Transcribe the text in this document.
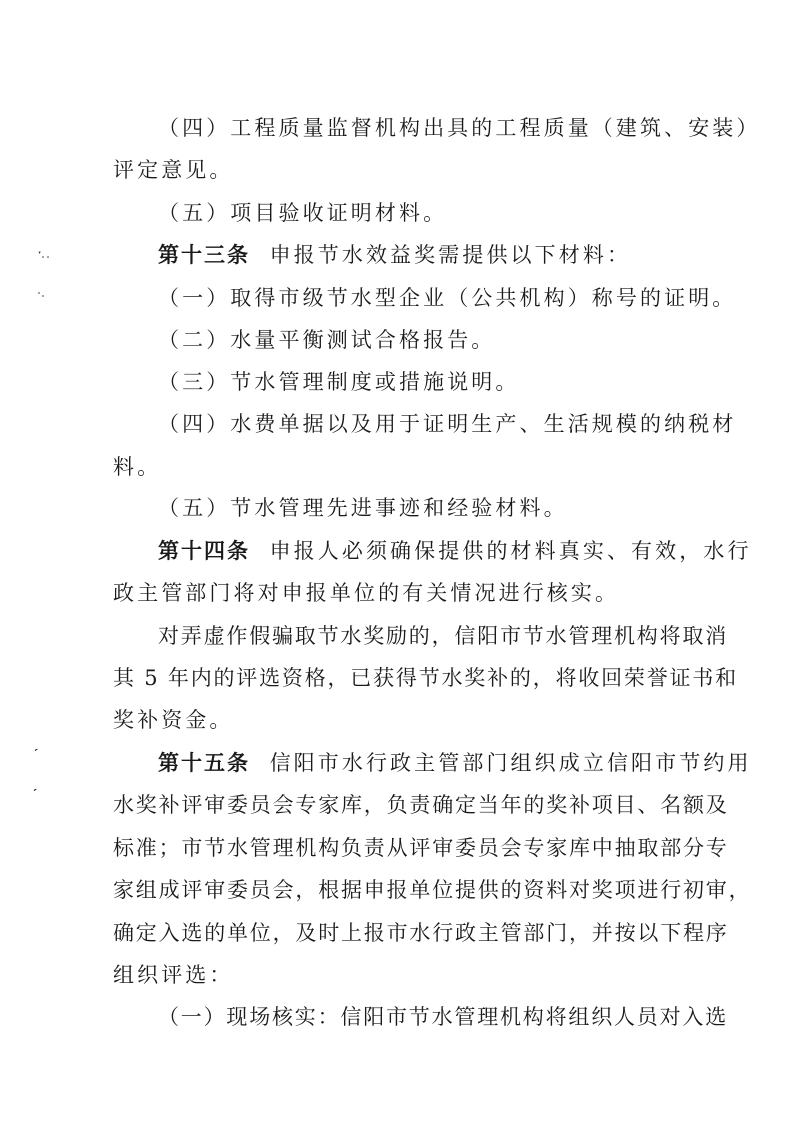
（四）工程质量监督机构出具的工程质量（建筑、安装）
评定意见。
（五）项目验收证明材料。
第十三条 申报节水效益奖需提供以下材料：
（一）取得市级节水型企业（公共机构）称号的证明。
（二）水量平衡测试合格报告。
（三）节水管理制度或措施说明。
（四）水费单据以及用于证明生产、生活规模的纳税材
料。
（五）节水管理先进事迹和经验材料。
第十四条 申报人必须确保提供的材料真实、有效，水行
政主管部门将对申报单位的有关情况进行核实。
对弄虚作假骗取节水奖励的，信阳市节水管理机构将取消
其 5 年内的评选资格，已获得节水奖补的，将收回荣誉证书和
奖补资金。
第十五条 信阳市水行政主管部门组织成立信阳市节约用
水奖补评审委员会专家库，负责确定当年的奖补项目、名额及
标准；市节水管理机构负责从评审委员会专家库中抽取部分专
家组成评审委员会，根据申报单位提供的资料对奖项进行初审，
确定入选的单位，及时上报市水行政主管部门，并按以下程序
组织评选：
（一）现场核实：信阳市节水管理机构将组织人员对入选
ˑ
ˏ
ˏ
